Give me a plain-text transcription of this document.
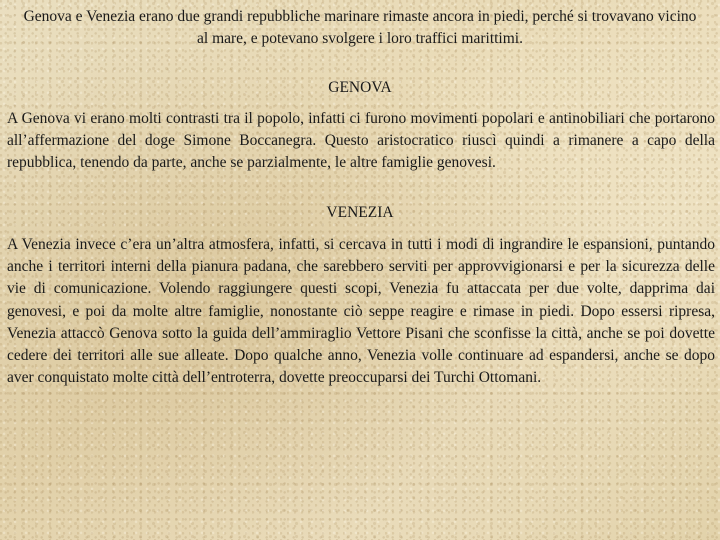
Genova e Venezia erano due grandi repubbliche marinare rimaste ancora in piedi, perché si trovavano vicino al mare, e potevano svolgere i loro traffici marittimi.

GENOVA

A Genova vi erano molti contrasti tra il popolo, infatti ci furono movimenti popolari e antinobiliari che portarono all’affermazione del doge Simone Boccanegra. Questo aristocratico riuscì quindi a rimanere a capo della repubblica, tenendo da parte, anche se parzialmente, le altre famiglie genovesi.

VENEZIA

A Venezia invece c’era un’altra atmosfera, infatti, si cercava in tutti i modi di ingrandire le espansioni, puntando anche i territori interni della pianura padana, che sarebbero serviti per approvvigionarsi e per la sicurezza delle vie di comunicazione. Volendo raggiungere questi scopi, Venezia fu attaccata per due volte, dapprima dai genovesi, e poi da molte altre famiglie, nonostante ciò seppe reagire e rimase in piedi. Dopo essersi ripresa, Venezia attaccò Genova sotto la guida dell’ammiraglio Vettore Pisani che sconfisse la città, anche se poi dovette cedere dei territori alle sue alleate. Dopo qualche anno, Venezia volle continuare ad espandersi, anche se dopo aver conquistato molte città dell’entroterra, dovette preoccuparsi dei Turchi Ottomani.
